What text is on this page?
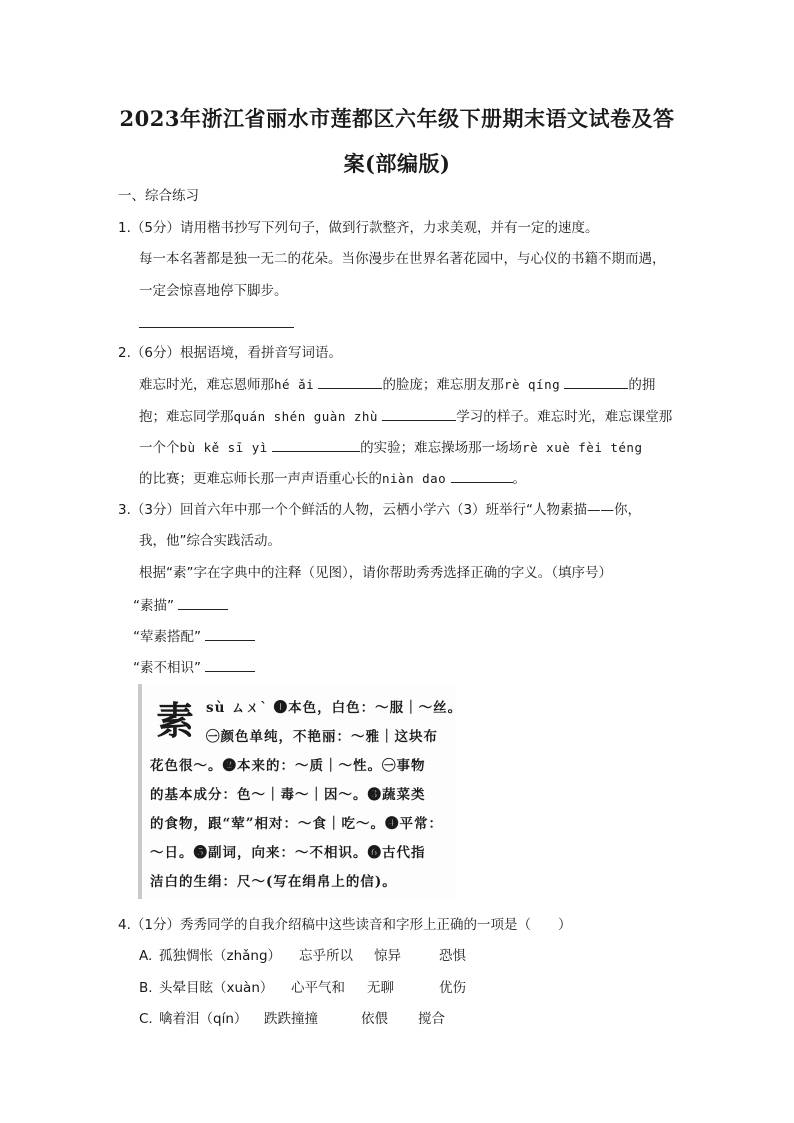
2023年浙江省丽水市莲都区六年级下册期末语文试卷及答
案(部编版)
一、综合练习
1.（5分）请用楷书抄写下列句子，做到行款整齐，力求美观，并有一定的速度。
每一本名著都是独一无二的花朵。当你漫步在世界名著花园中，与心仪的书籍不期而遇，
一定会惊喜地停下脚步。
2.（6分）根据语境，看拼音写词语。
难忘时光，难忘恩师那hé ǎi	的脸庞；难忘朋友那rè qíng	的拥
抱；难忘同学那quán shén guàn zhù	学习的样子。难忘时光，难忘课堂那
一个个bù kě sī yì	的实验；难忘操场那一场场rè xuè fèi téng
的比赛；更难忘师长那一声声语重心长的niàn dao	。
3.（3分）回首六年中那一个个鲜活的人物，云栖小学六（3）班举行“人物素描——你，
我，他”综合实践活动。
根据“素”字在字典中的注释（见图），请你帮助秀秀选择正确的字义。（填序号）
“素描”
“荤素搭配”
“素不相识”
素 sù ㄙㄨˋ ❶本色，白色：～服｜～丝。
㊀颜色单纯，不艳丽：～雅｜这块布
花色很～。❷本来的：～质｜～性。㊀事物
的基本成分：色～｜毒～｜因～。❸蔬菜类
的食物，跟“荤”相对：～食｜吃～。❹平常：
～日。❺副词，向来：～不相识。❻古代指
洁白的生绢：尺～(写在绢帛上的信)。
4.（1分）秀秀同学的自我介绍稿中这些读音和字形上正确的一项是（　　）
A. 孤独惆怅（zhǎng） 忘乎所以 惊异	恐惧
B. 头晕目眩（xuàn） 心平气和 无聊	优伤
C. 噙着泪（qín） 跌跌撞撞	依偎 搅合
